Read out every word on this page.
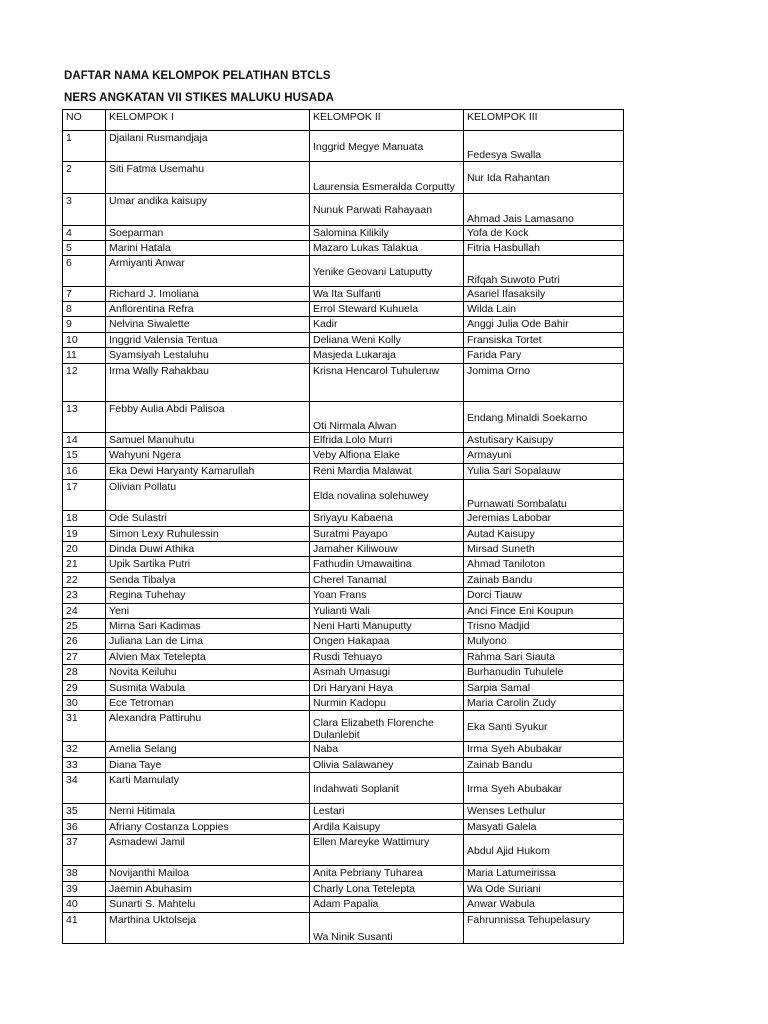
DAFTAR NAMA KELOMPOK PELATIHAN BTCLS
NERS ANGKATAN VII STIKES MALUKU HUSADA
NO	KELOMPOK I	KELOMPOK II	KELOMPOK III
1	Djailani Rusmandjaja	Inggrid Megye Manuata	Fedesya Swalla
2	Siti Fatma Usemahu	Laurensia Esmeralda Corputty	Nur Ida Rahantan
3	Umar andika kaisupy	Nunuk Parwati Rahayaan	Ahmad Jais Lamasano
4	Soeparman	Salomina Kilikily	Yofa de Kock
5	Marini Hatala	Mazaro Lukas Talakua	Fitria Hasbullah
6	Armiyanti Anwar	Yenike Geovani Latuputty	Rifqah Suwoto Putri
7	Richard J. Imoliana	Wa Ita Sulfanti	Asariel Ifasaksily
8	Anflorentina Refra	Errol Steward Kuhuela	Wilda Lain
9	Nelvina Siwalette	Kadir	Anggi Julia Ode Bahir
10	Inggrid Valensia Tentua	Deliana Weni Kolly	Fransiska Tortet
11	Syamsiyah Lestaluhu	Masjeda Lukaraja	Farida Pary
12	Irma Wally Rahakbau	Krisna Hencarol Tuhuleruw	Jomima Orno
13	Febby Aulia Abdi Palisoa	Oti Nirmala Alwan	Endang Minaldi Soekarno
14	Samuel Manuhutu	Elfrida Lolo Murri	Astutisary Kaisupy
15	Wahyuni Ngera	Veby Alfiona Elake	Armayuni
16	Eka Dewi Haryanty Kamarullah	Reni Mardia Malawat	Yulia Sari Sopalauw
17	Olivian Pollatu	Elda novalina solehuwey	Purnawati Sombalatu
18	Ode Sulastri	Sriyayu Kabaena	Jeremias Labobar
19	Simon Lexy Ruhulessin	Suratmi Payapo	Autad Kaisupy
20	Dinda Duwi Athika	Jamaher Kiliwouw	Mirsad Suneth
21	Upik Sartika Putri	Fathudin Umawaitina	Ahmad Taniloton
22	Senda Tibalya	Cherel Tanamal	Zainab Bandu
23	Regina Tuhehay	Yoan Frans	Dorci Tiauw
24	Yeni	Yulianti Wali	Anci Fince Eni Koupun
25	Mirna Sari Kadimas	Neni Harti Manuputty	Trisno Madjid
26	Juliana Lan de Lima	Ongen Hakapaa	Mulyono
27	Alvien Max Tetelepta	Rusdi Tehuayo	Rahma Sari Siauta
28	Novita Keiluhu	Asmah Umasugi	Burhanudin Tuhulele
29	Susmita Wabula	Dri Haryani Haya	Sarpia Samal
30	Ece Tetroman	Nurmin Kadopu	Maria Carolin Zudy
31	Alexandra Pattiruhu	Clara Elizabeth Florenche Dulanlebit	Eka Santi Syukur
32	Amelia Selang	Naba	Irma Syeh Abubakar
33	Diana Taye	Olivia Salawaney	Zainab Bandu
34	Karti Mamulaty	Indahwati Soplanit	Irma Syeh Abubakar
35	Nerni Hitimala	Lestari	Wenses Lethulur
36	Afriany Costanza Loppies	Ardila Kaisupy	Masyati Galela
37	Asmadewi Jamil	Ellen Mareyke Wattimury	Abdul Ajid Hukom
38	Novijanthi Mailoa	Anita Pebriany Tuharea	Maria Latumeirissa
39	Jaemin Abuhasim	Charly Lona Tetelepta	Wa Ode Suriani
40	Sunarti S. Mahtelu	Adam Papalia	Anwar Wabula
41	Marthina Uktolseja	Wa Ninik Susanti	Fahrunnissa Tehupelasury
